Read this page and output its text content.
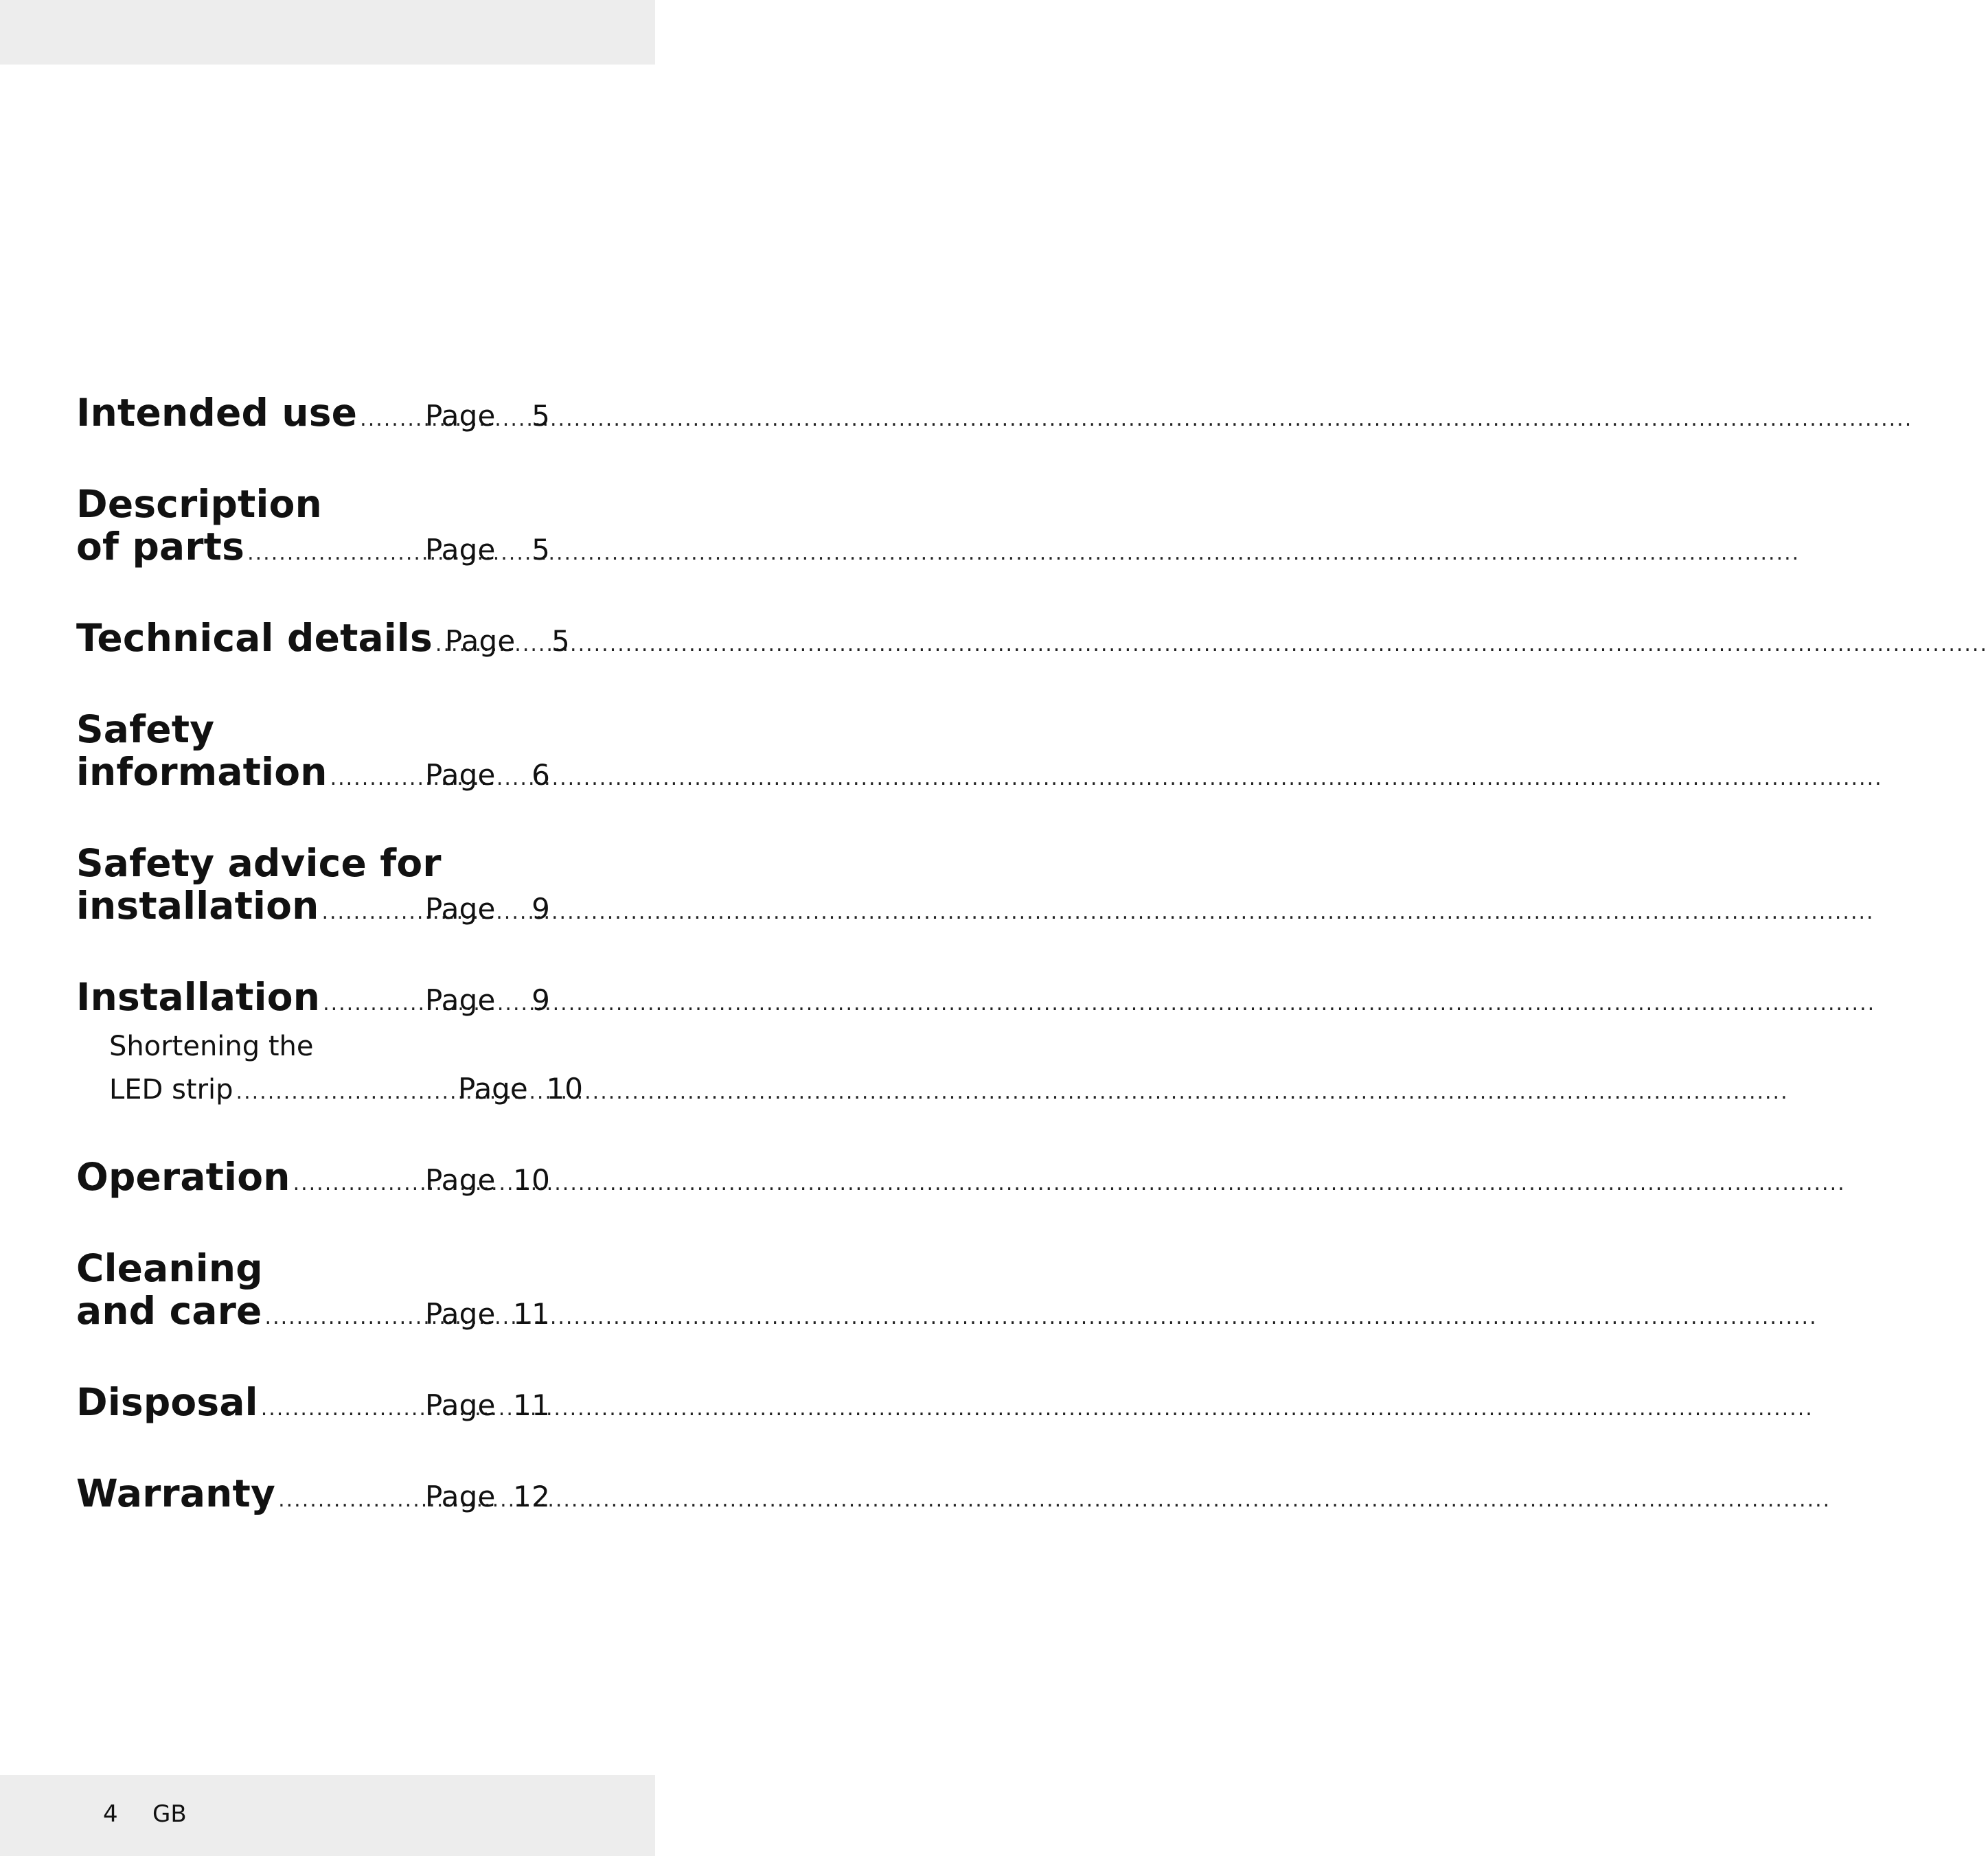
Intended use ..... Page	5
Description
of parts .....	Page	5
Technical details ..... Page	5
Safety
information .....	Page	6
Safety advice for
installation .....	Page	9
Installation .....	Page	9
Shortening the
LED strip .....	Page 10
Operation .....	Page 10
Cleaning
and care .....	Page 11
Disposal .....	Page 11
Warranty .....	Page 12
4 GB
